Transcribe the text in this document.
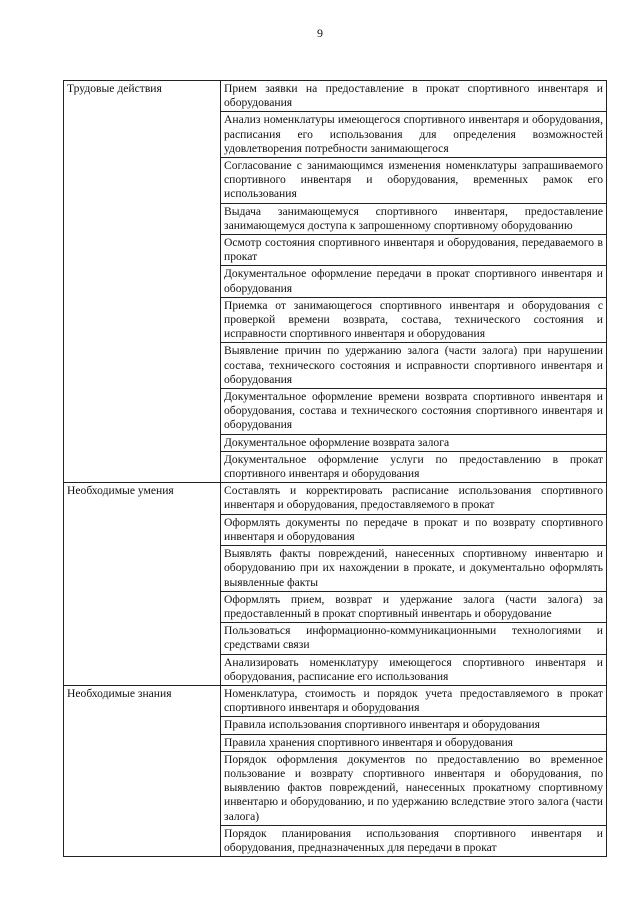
9
Трудовые действия	Прием заявки на предоставление в прокат спортивного инвентаря и оборудования
	Анализ номенклатуры имеющегося спортивного инвентаря и оборудования, расписания его использования для определения возможностей удовлетворения потребности занимающегося
	Согласование с занимающимся изменения номенклатуры запрашиваемого спортивного инвентаря и оборудования, временных рамок его использования
	Выдача занимающемуся спортивного инвентаря, предоставление занимающемуся доступа к запрошенному спортивному оборудованию
	Осмотр состояния спортивного инвентаря и оборудования, передаваемого в прокат
	Документальное оформление передачи в прокат спортивного инвентаря и оборудования
	Приемка от занимающегося спортивного инвентаря и оборудования с проверкой времени возврата, состава, технического состояния и исправности спортивного инвентаря и оборудования
	Выявление причин по удержанию залога (части залога) при нарушении состава, технического состояния и исправности спортивного инвентаря и оборудования
	Документальное оформление времени возврата спортивного инвентаря и оборудования, состава и технического состояния спортивного инвентаря и оборудования
	Документальное оформление возврата залога
	Документальное оформление услуги по предоставлению в прокат спортивного инвентаря и оборудования
Необходимые умения	Составлять и корректировать расписание использования спортивного инвентаря и оборудования, предоставляемого в прокат
	Оформлять документы по передаче в прокат и по возврату спортивного инвентаря и оборудования
	Выявлять факты повреждений, нанесенных спортивному инвентарю и оборудованию при их нахождении в прокате, и документально оформлять выявленные факты
	Оформлять прием, возврат и удержание залога (части залога) за предоставленный в прокат спортивный инвентарь и оборудование
	Пользоваться информационно-коммуникационными технологиями и средствами связи
	Анализировать номенклатуру имеющегося спортивного инвентаря и оборудования, расписание его использования
Необходимые знания	Номенклатура, стоимость и порядок учета предоставляемого в прокат спортивного инвентаря и оборудования
	Правила использования спортивного инвентаря и оборудования
	Правила хранения спортивного инвентаря и оборудования
	Порядок оформления документов по предоставлению во временное пользование и возврату спортивного инвентаря и оборудования, по выявлению фактов повреждений, нанесенных прокатному спортивному инвентарю и оборудованию, и по удержанию вследствие этого залога (части залога)
	Порядок планирования использования спортивного инвентаря и оборудования, предназначенных для передачи в прокат
